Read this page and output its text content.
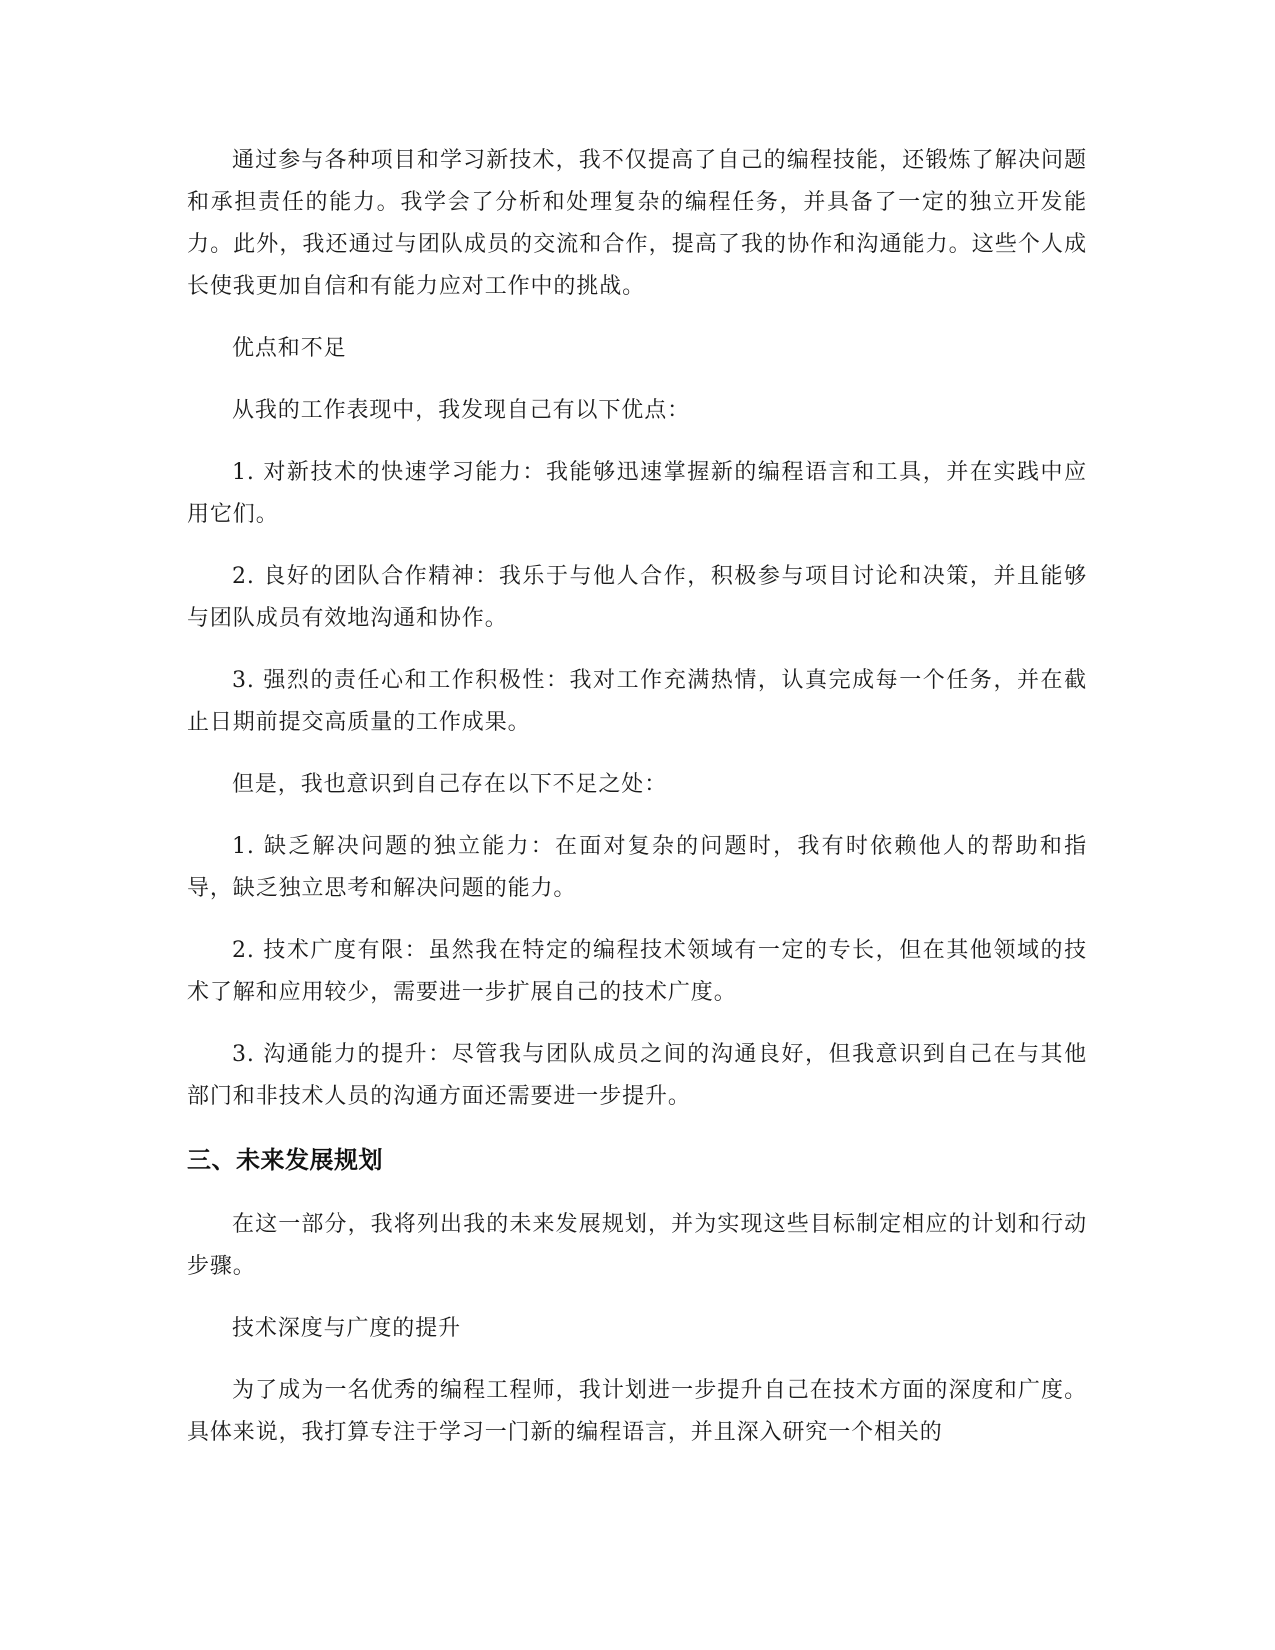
通过参与各种项目和学习新技术，我不仅提高了自己的编程技能，还锻炼了解决问题和承担责任的能力。我学会了分析和处理复杂的编程任务，并具备了一定的独立开发能力。此外，我还通过与团队成员的交流和合作，提高了我的协作和沟通能力。这些个人成长使我更加自信和有能力应对工作中的挑战。

优点和不足

从我的工作表现中，我发现自己有以下优点：

1. 对新技术的快速学习能力：我能够迅速掌握新的编程语言和工具，并在实践中应用它们。

2. 良好的团队合作精神：我乐于与他人合作，积极参与项目讨论和决策，并且能够与团队成员有效地沟通和协作。

3. 强烈的责任心和工作积极性：我对工作充满热情，认真完成每一个任务，并在截止日期前提交高质量的工作成果。

但是，我也意识到自己存在以下不足之处：

1. 缺乏解决问题的独立能力：在面对复杂的问题时，我有时依赖他人的帮助和指导，缺乏独立思考和解决问题的能力。

2. 技术广度有限：虽然我在特定的编程技术领域有一定的专长，但在其他领域的技术了解和应用较少，需要进一步扩展自己的技术广度。

3. 沟通能力的提升：尽管我与团队成员之间的沟通良好，但我意识到自己在与其他部门和非技术人员的沟通方面还需要进一步提升。

三、未来发展规划

在这一部分，我将列出我的未来发展规划，并为实现这些目标制定相应的计划和行动步骤。

技术深度与广度的提升

为了成为一名优秀的编程工程师，我计划进一步提升自己在技术方面的深度和广度。具体来说，我打算专注于学习一门新的编程语言，并且深入研究一个相关的
